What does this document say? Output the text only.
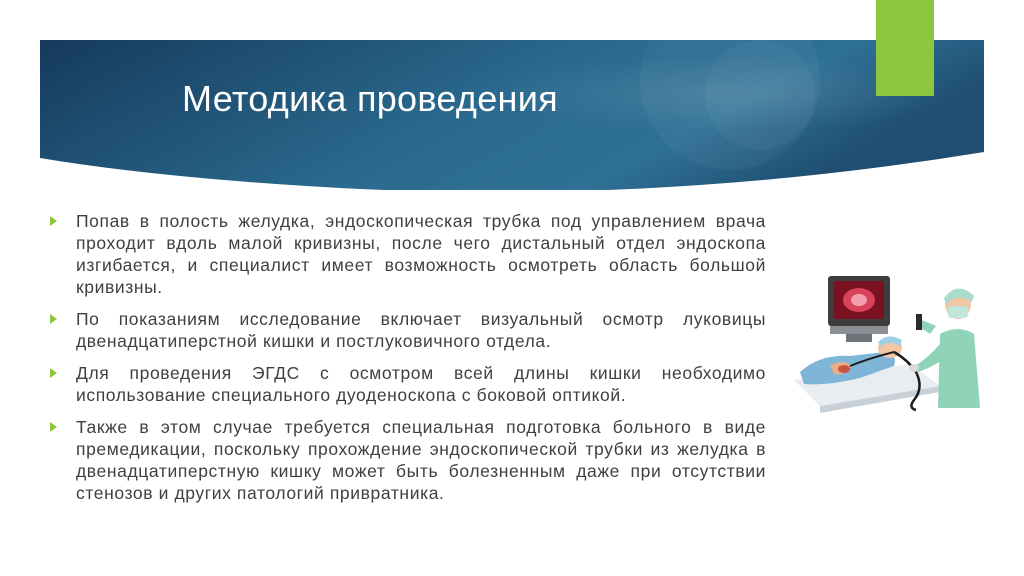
Методика проведения
Попав в полость желудка, эндоскопическая трубка под управлением врача проходит вдоль малой кривизны, после чего дистальный отдел эндоскопа изгибается, и специалист имеет возможность осмотреть область большой кривизны.
По показаниям исследование включает визуальный осмотр луковицы двенадцатиперстной кишки и постлуковичного отдела.
Для проведения ЭГДС с осмотром всей длины кишки необходимо использование специального дуоденоскопа с боковой оптикой.
Также в этом случае требуется специальная подготовка больного в виде премедикации, поскольку прохождение эндоскопической трубки из желудка в двенадцатиперстную кишку может быть болезненным даже при отсутствии стенозов и других патологий привратника.
